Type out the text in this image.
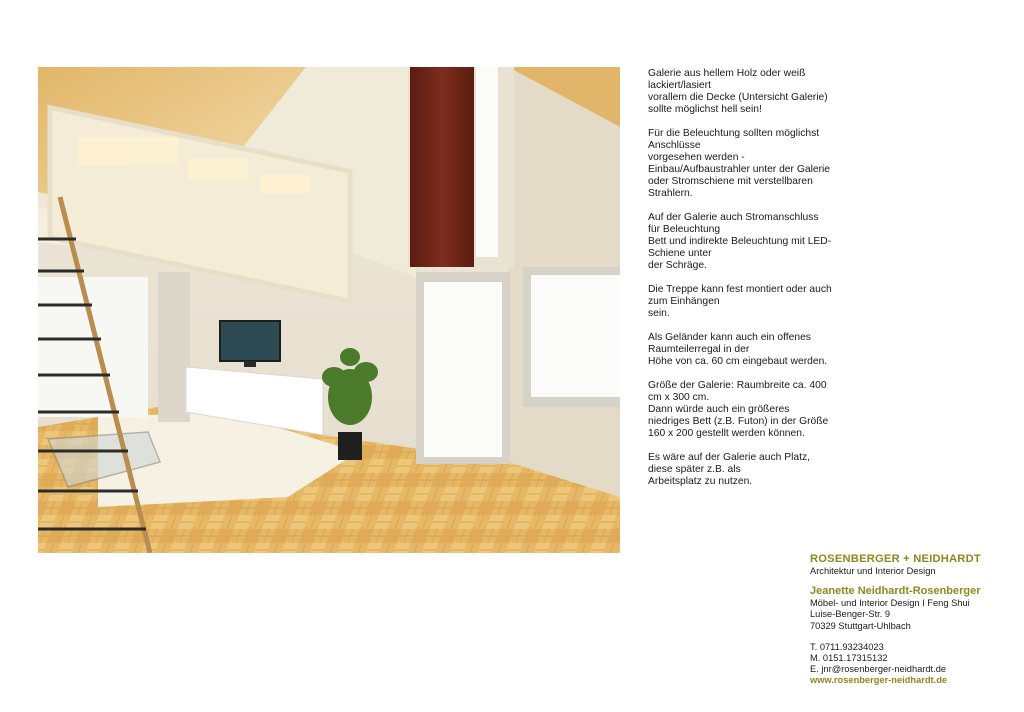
Galerie aus hellem Holz oder weiß
lackiert/lasiert
vorallem die Decke (Untersicht Galerie)
sollte möglichst hell sein!

Für die Beleuchtung sollten möglichst
Anschlüsse
vorgesehen werden -
Einbau/Aufbaustrahler unter der Galerie
oder Stromschiene mit verstellbaren
Strahlern.

Auf der Galerie auch Stromanschluss
für Beleuchtung
Bett und indirekte Beleuchtung mit LED-
Schiene unter
der Schräge.

Die Treppe kann fest montiert oder auch
zum Einhängen
sein.

Als Geländer kann auch ein offenes
Raumteilerregal in der
Höhe von ca. 60 cm eingebaut werden.

Größe der Galerie: Raumbreite ca. 400
cm x 300 cm.
Dann würde auch ein größeres
niedriges Bett (z.B. Futon) in der Größe
160 x 200 gestellt werden können.

Es wäre auf der Galerie auch Platz,
diese später z.B. als
Arbeitsplatz zu nutzen.

ROSENBERGER + NEIDHARDT
Architektur und Interior Design
Jeanette Neidhardt-Rosenberger
Möbel- und Interior Design I Feng Shui
Luise-Benger-Str. 9
70329 Stuttgart-Uhlbach
T. 0711.93234023
M. 0151.17315132
E. jnr@rosenberger-neidhardt.de
www.rosenberger-neidhardt.de
